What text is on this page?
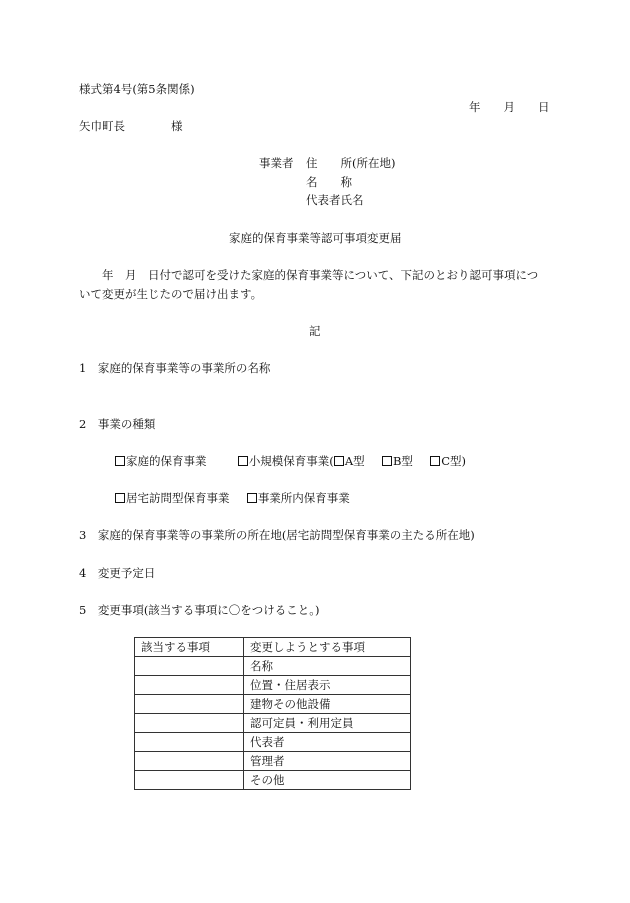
様式第4号(第5条関係)
年　　月　　日
矢巾町長　　　　様
事業者 住　　所(所在地)
名　　称
代表者氏名
家庭的保育事業等認可事項変更届
年　月　日付で認可を受けた家庭的保育事業等について、下記のとおり認可事項につ
いて変更が生じたので届け出ます。
記
1　家庭的保育事業等の事業所の名称
2　事業の種類
家庭的保育事業	小規模保育事業( A型 B型 C型)
居宅訪問型保育事業 事業所内保育事業
3　家庭的保育事業等の事業所の所在地(居宅訪問型保育事業の主たる所在地)
4　変更予定日
5　変更事項(該当する事項に〇をつけること。)
該当する事項	変更しようとする事項
	名称
	位置・住居表示
	建物その他設備
	認可定員・利用定員
	代表者
	管理者
	その他
